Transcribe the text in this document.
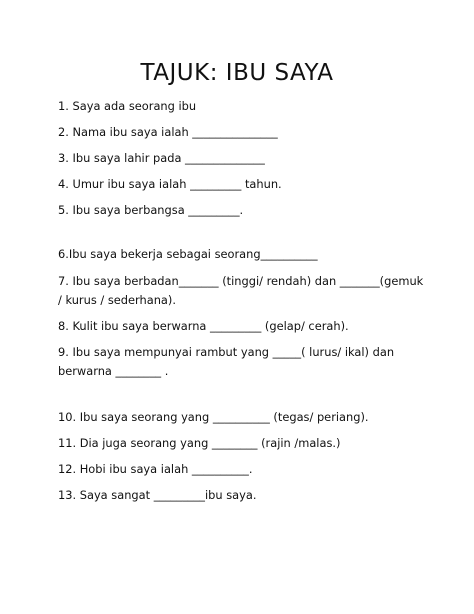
TAJUK: IBU SAYA
1. Saya ada seorang ibu
2. Nama ibu saya ialah _______________
3. Ibu saya lahir pada ______________
4. Umur ibu saya ialah _________ tahun.
5. Ibu saya berbangsa _________.
6.Ibu saya bekerja sebagai seorang__________
7. Ibu saya berbadan_______ (tinggi/ rendah) dan _______(gemuk
/ kurus / sederhana).
8. Kulit ibu saya berwarna _________ (gelap/ cerah).
9. Ibu saya mempunyai rambut yang _____( lurus/ ikal) dan
berwarna ________ .
10. Ibu saya seorang yang __________ (tegas/ periang).
11. Dia juga seorang yang ________ (rajin /malas.)
12. Hobi ibu saya ialah __________.
13. Saya sangat _________ibu saya.
